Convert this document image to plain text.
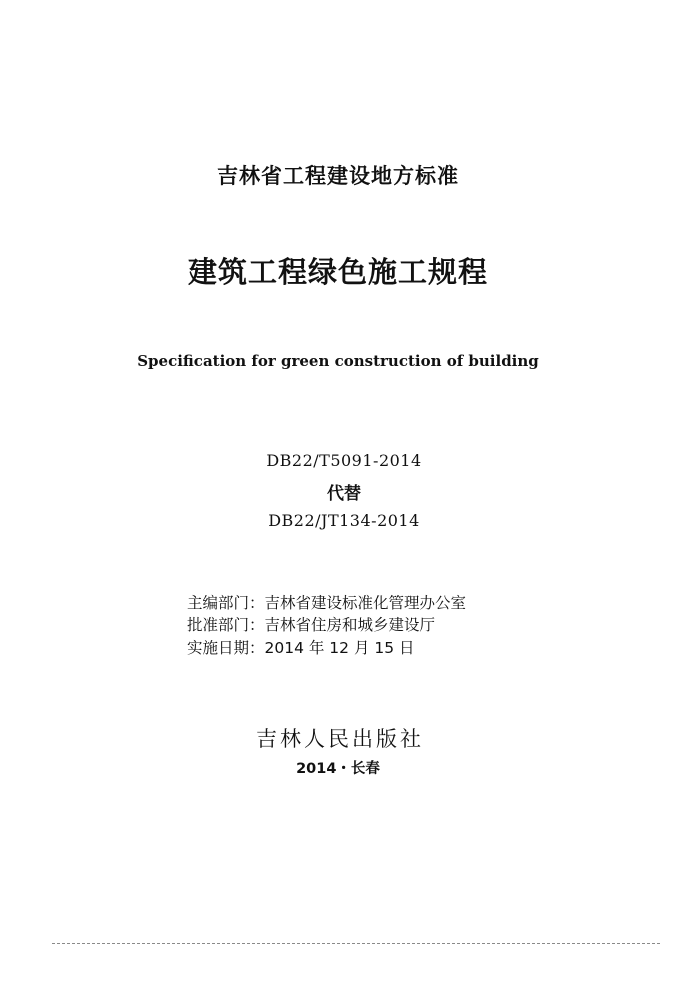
吉林省工程建设地方标准
建筑工程绿色施工规程
Specification for green construction of building
DB22/T5091-2014
代替
DB22/JT134-2014
主编部门：吉林省建设标准化管理办公室
批准部门：吉林省住房和城乡建设厅
实施日期：2014 年 12 月 15 日
吉林人民出版社
2014・长春
